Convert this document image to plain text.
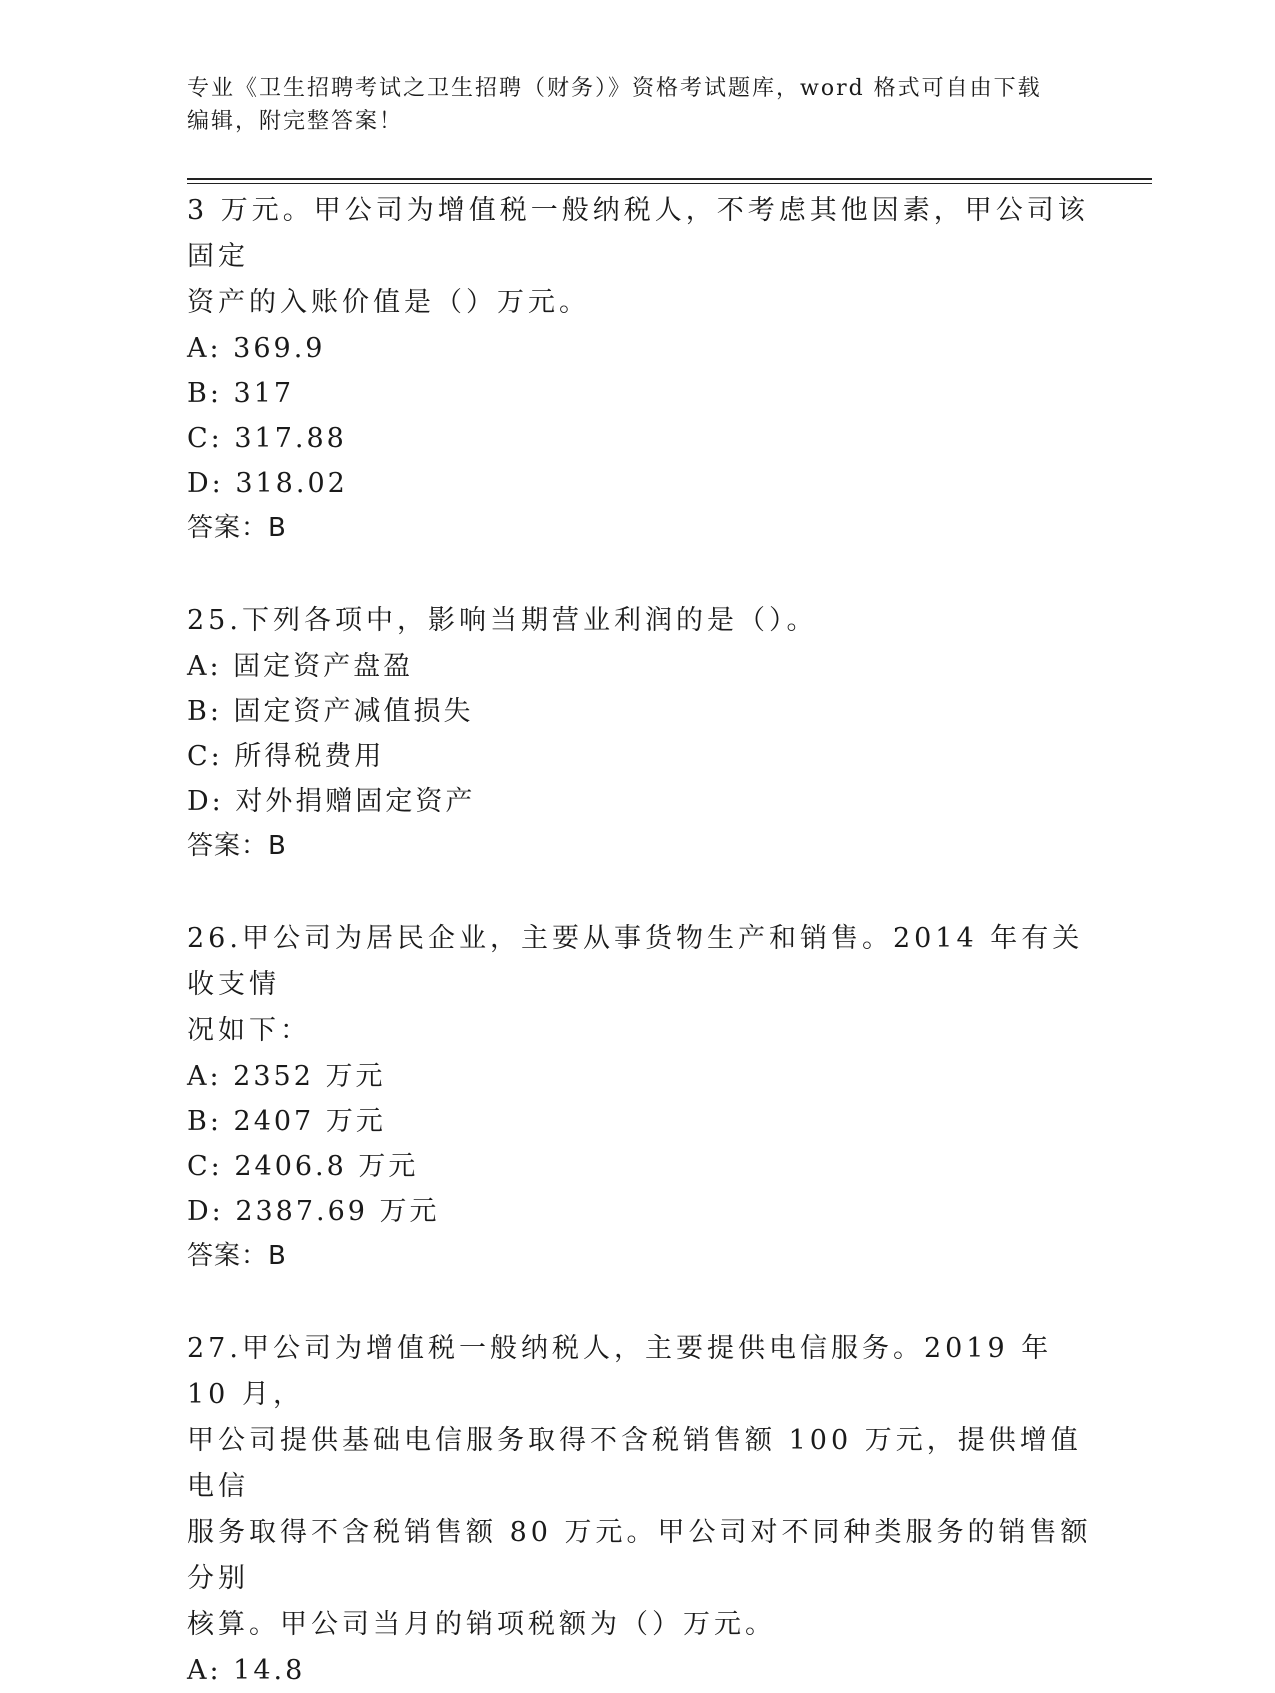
专业《卫生招聘考试之卫生招聘（财务）》资格考试题库，word 格式可自由下载
编辑，附完整答案！

3 万元。甲公司为增值税一般纳税人，不考虑其他因素，甲公司该固定

资产的入账价值是（）万元。

A: 369.9

B: 317

C: 317.88

D: 318.02

答案：B

25.下列各项中，影响当期营业利润的是（）。

A: 固定资产盘盈

B: 固定资产减值损失

C: 所得税费用

D: 对外捐赠固定资产

答案：B

26.甲公司为居民企业，主要从事货物生产和销售。2014 年有关收支情

况如下：

A: 2352 万元

B: 2407 万元

C: 2406.8 万元

D: 2387.69 万元

答案：B

27.甲公司为增值税一般纳税人，主要提供电信服务。2019 年 10 月，

甲公司提供基础电信服务取得不含税销售额 100 万元，提供增值电信

服务取得不含税销售额 80 万元。甲公司对不同种类服务的销售额分别

核算。甲公司当月的销项税额为（）万元。

A: 14.8
